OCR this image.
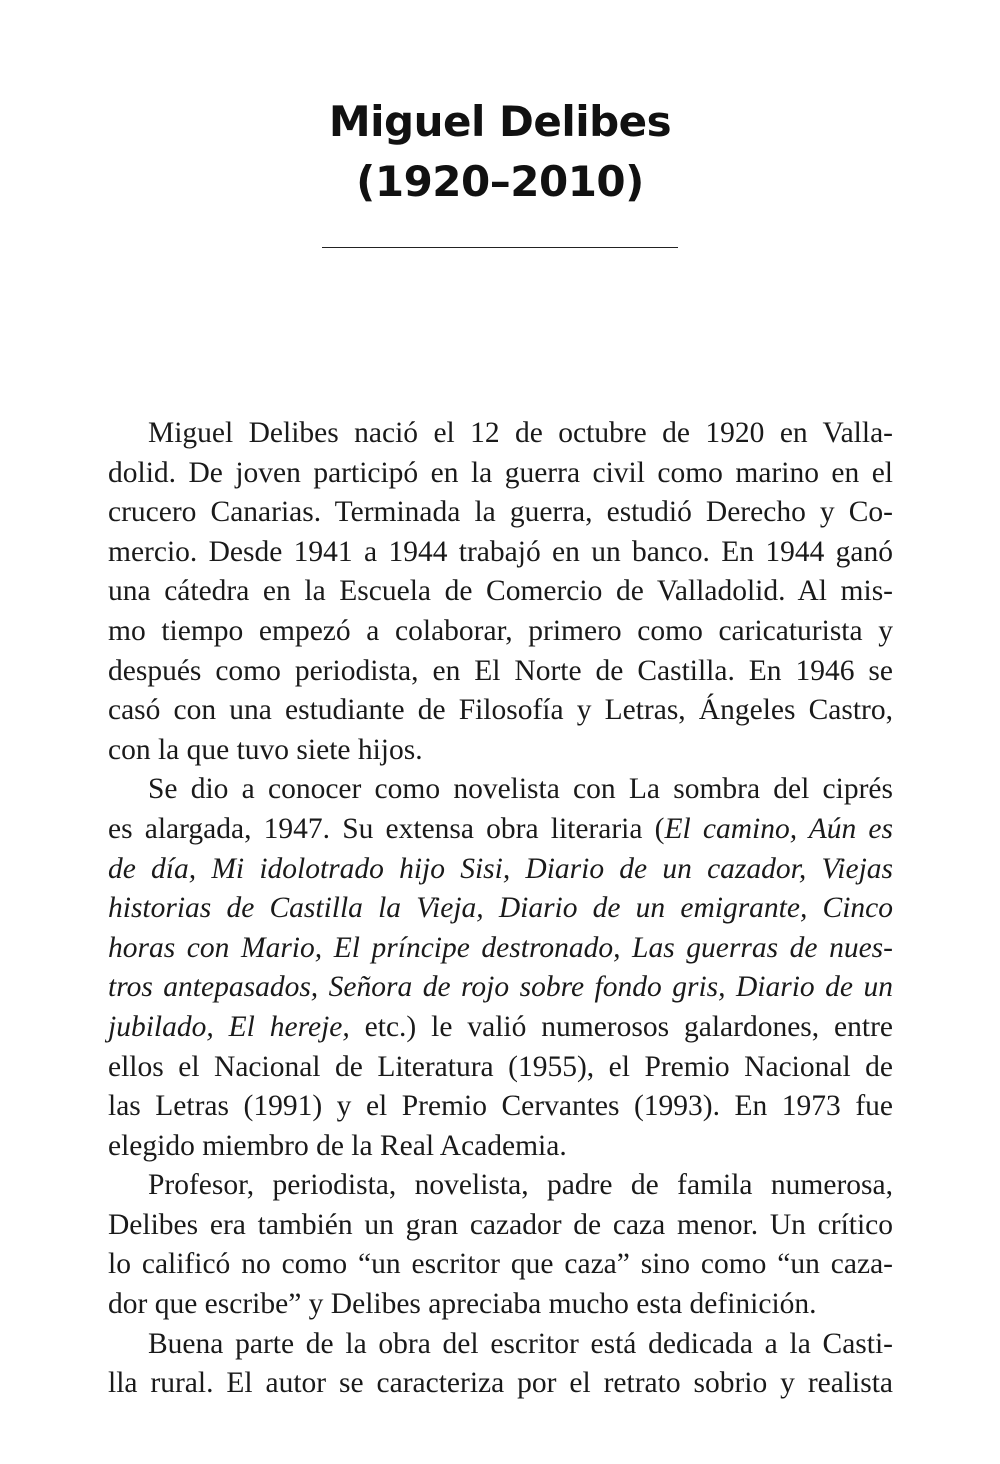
Miguel Delibes
(1920–2010)

Miguel Delibes nació el 12 de octubre de 1920 en Valla-
dolid. De joven participó en la guerra civil como marino en el
crucero Canarias. Terminada la guerra, estudió Derecho y Co-
mercio. Desde 1941 a 1944 trabajó en un banco. En 1944 ganó
una cátedra en la Escuela de Comercio de Valladolid. Al mis-
mo tiempo empezó a colaborar, primero como caricaturista y
después como periodista, en El Norte de Castilla. En 1946 se
casó con una estudiante de Filosofía y Letras, Ángeles Castro,
con la que tuvo siete hijos.

Se dio a conocer como novelista con La sombra del ciprés
es alargada, 1947. Su extensa obra literaria (El camino, Aún es
de día, Mi idolotrado hijo Sisi, Diario de un cazador, Viejas
historias de Castilla la Vieja, Diario de un emigrante, Cinco
horas con Mario, El príncipe destronado, Las guerras de nues-
tros antepasados, Señora de rojo sobre fondo gris, Diario de un
jubilado, El hereje, etc.) le valió numerosos galardones, entre
ellos el Nacional de Literatura (1955), el Premio Nacional de
las Letras (1991) y el Premio Cervantes (1993). En 1973 fue
elegido miembro de la Real Academia.

Profesor, periodista, novelista, padre de famila numerosa,
Delibes era también un gran cazador de caza menor. Un crítico
lo calificó no como “un escritor que caza” sino como “un caza-
dor que escribe” y Delibes apreciaba mucho esta definición.

Buena parte de la obra del escritor está dedicada a la Casti-
lla rural. El autor se caracteriza por el retrato sobrio y realista
